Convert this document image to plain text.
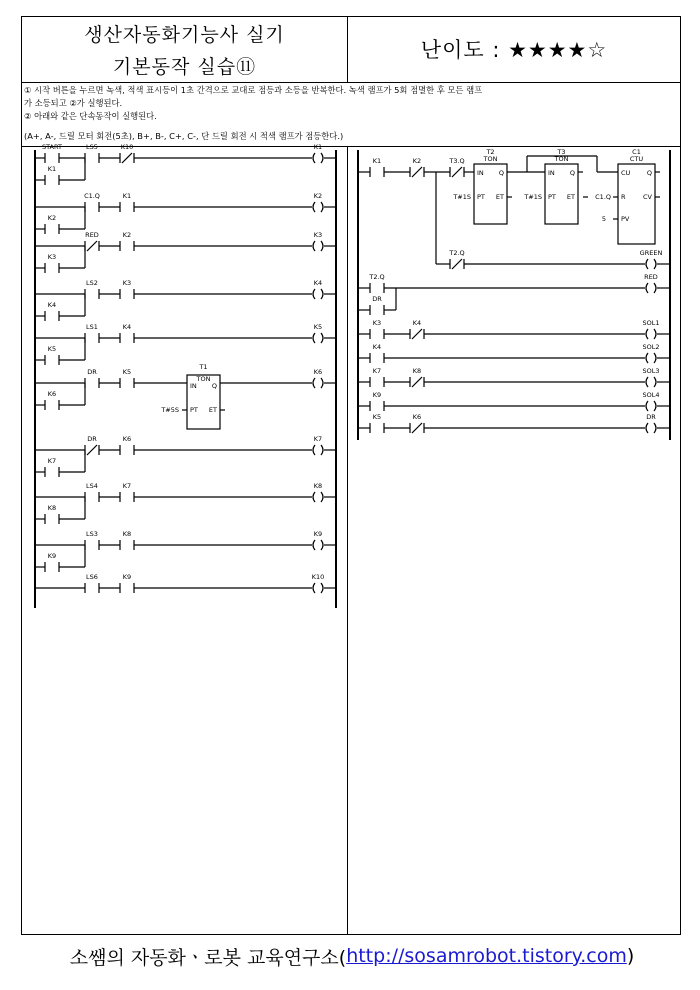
생산자동화기능사 실기
기본동작 실습⑪
난이도 : ★★★★☆
① 시작 버튼을 누르면 녹색, 적색 표시등이 1초 간격으로 교대로 점등과 소등을 반복한다. 녹색 램프가 5회 점멸한 후 모든 램프
가 소등되고 ②가 실행된다.
② 아래와 같은 단속동작이 실행된다.
(A+, A-, 드릴 모터 회전(5초), B+, B-, C+, C-, 단 드릴 회전 시 적색 램프가 점등한다.)
START	LS5	K10	K1
K1
C1.Q	K1	K2
K2
RED	K2	K3
K3
LS2	K3	K4
K4
LS1	K4	K5
K5
DR	K5	K6
K6
DR	K6	K7
K7
LS4	K7	K8
K8
LS3	K8	K9
K9
LS6	K9	K10
T1
TON
IN Q
PT ET
T#5S
K1	K2	T3.Q
T2
TON
IN Q
PT ET
T#1S
T3
TON
IN Q
PT ET
T#1S
C1
CTU
CU	Q
R	CV
PV
C1.Q
5
T2.Q	GREEN
T2.Q	RED
DR
K3	K4	SOL1
K4	SOL2
K7	K8	SOL3
K9	SOL4
K5	K6	DR
소쌤의 자동화ㆍ로봇 교육연구소( http://sosamrobot.tistory.com )
